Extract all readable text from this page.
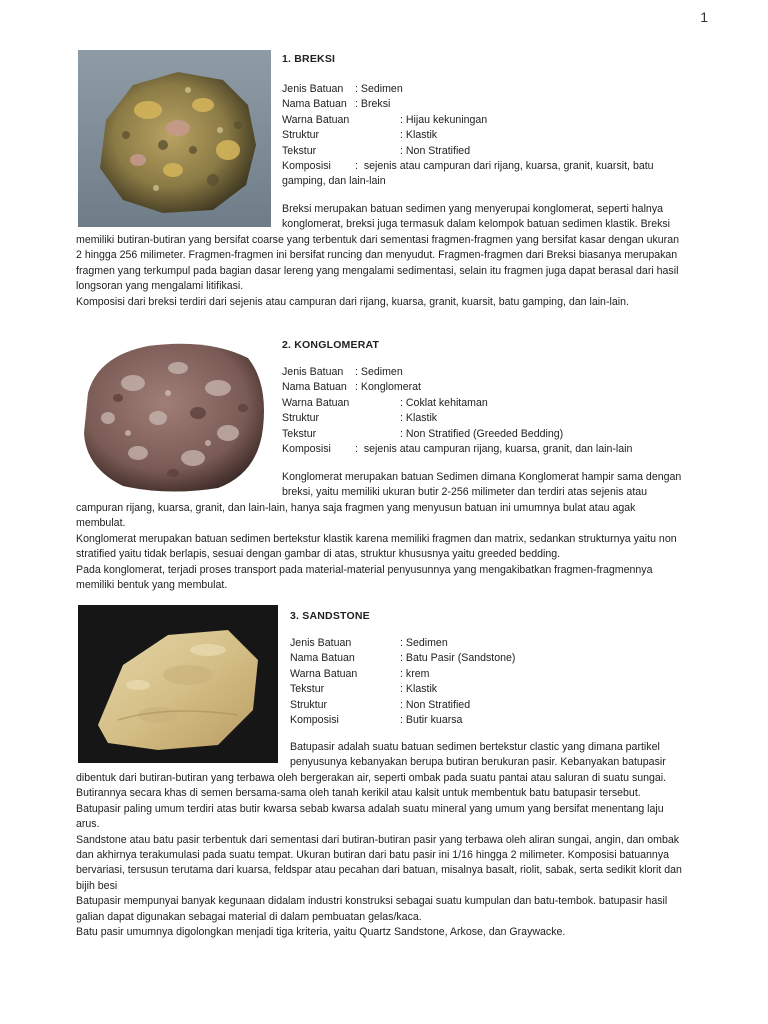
1
1. BREKSI
Jenis Batuan : Sedimen
Nama Batuan : Breksi
Warna Batuan	: Hijau kekuningan
Struktur	: Klastik
Tekstur	: Non Stratified
Komposisi : sejenis atau campuran dari rijang, kuarsa, granit, kuarsit, batu
gamping, dan lain-lain
Breksi merupakan batuan sedimen yang menyerupai konglomerat, seperti halnya
konglomerat, breksi juga termasuk dalam kelompok batuan sedimen klastik. Breksi
memiliki butiran-butiran yang bersifat coarse yang terbentuk dari sementasi fragmen-fragmen yang bersifat kasar dengan ukuran
2 hingga 256 milimeter. Fragmen-fragmen ini bersifat runcing dan menyudut. Fragmen-fragmen dari Breksi biasanya merupakan
fragmen yang terkumpul pada bagian dasar lereng yang mengalami sedimentasi, selain itu fragmen juga dapat berasal dari hasil
longsoran yang mengalami litifikasi.
Komposisi dari breksi terdiri dari sejenis atau campuran dari rijang, kuarsa, granit, kuarsit, batu gamping, dan lain-lain.
2. KONGLOMERAT
Jenis Batuan : Sedimen
Nama Batuan : Konglomerat
Warna Batuan	: Coklat kehitaman
Struktur	: Klastik
Tekstur	: Non Stratified (Greeded Bedding)
Komposisi : sejenis atau campuran rijang, kuarsa, granit, dan lain-lain
Konglomerat merupakan batuan Sedimen dimana Konglomerat hampir sama dengan
breksi, yaitu memiliki ukuran butir 2-256 milimeter dan terdiri atas sejenis atau
campuran rijang, kuarsa, granit, dan lain-lain, hanya saja fragmen yang menyusun batuan ini umumnya bulat atau agak
membulat.
Konglomerat merupakan batuan sedimen bertekstur klastik karena memiliki fragmen dan matrix, sedankan strukturnya yaitu non
stratified yaitu tidak berlapis, sesuai dengan gambar di atas, struktur khususnya yaitu greeded bedding.
Pada konglomerat, terjadi proses transport pada material-material penyusunnya yang mengakibatkan fragmen-fragmennya
memiliki bentuk yang membulat.
3. SANDSTONE
Jenis Batuan	: Sedimen
Nama Batuan	: Batu Pasir (Sandstone)
Warna Batuan	: krem
Tekstur	: Klastik
Struktur	: Non Stratified
Komposisi	: Butir kuarsa
Batupasir adalah suatu batuan sedimen bertekstur clastic yang dimana partikel
penyusunya kebanyakan berupa butiran berukuran pasir. Kebanyakan batupasir
dibentuk dari butiran-butiran yang terbawa oleh bergerakan air, seperti ombak pada suatu pantai atau saluran di suatu sungai.
Butirannya secara khas di semen bersama-sama oleh tanah kerikil atau kalsit untuk membentuk batu batupasir tersebut.
Batupasir paling umum terdiri atas butir kwarsa sebab kwarsa adalah suatu mineral yang umum yang bersifat menentang laju
arus.
Sandstone atau batu pasir terbentuk dari sementasi dari butiran-butiran pasir yang terbawa oleh aliran sungai, angin, dan ombak
dan akhirnya terakumulasi pada suatu tempat. Ukuran butiran dari batu pasir ini 1/16 hingga 2 milimeter. Komposisi batuannya
bervariasi, tersusun terutama dari kuarsa, feldspar atau pecahan dari batuan, misalnya basalt, riolit, sabak, serta sedikit klorit dan
bijih besi
Batupasir mempunyai banyak kegunaan didalam industri konstruksi sebagai suatu kumpulan dan batu-tembok. batupasir hasil
galian dapat digunakan sebagai material di dalam pembuatan gelas/kaca.
Batu pasir umumnya digolongkan menjadi tiga kriteria, yaitu Quartz Sandstone, Arkose, dan Graywacke.
